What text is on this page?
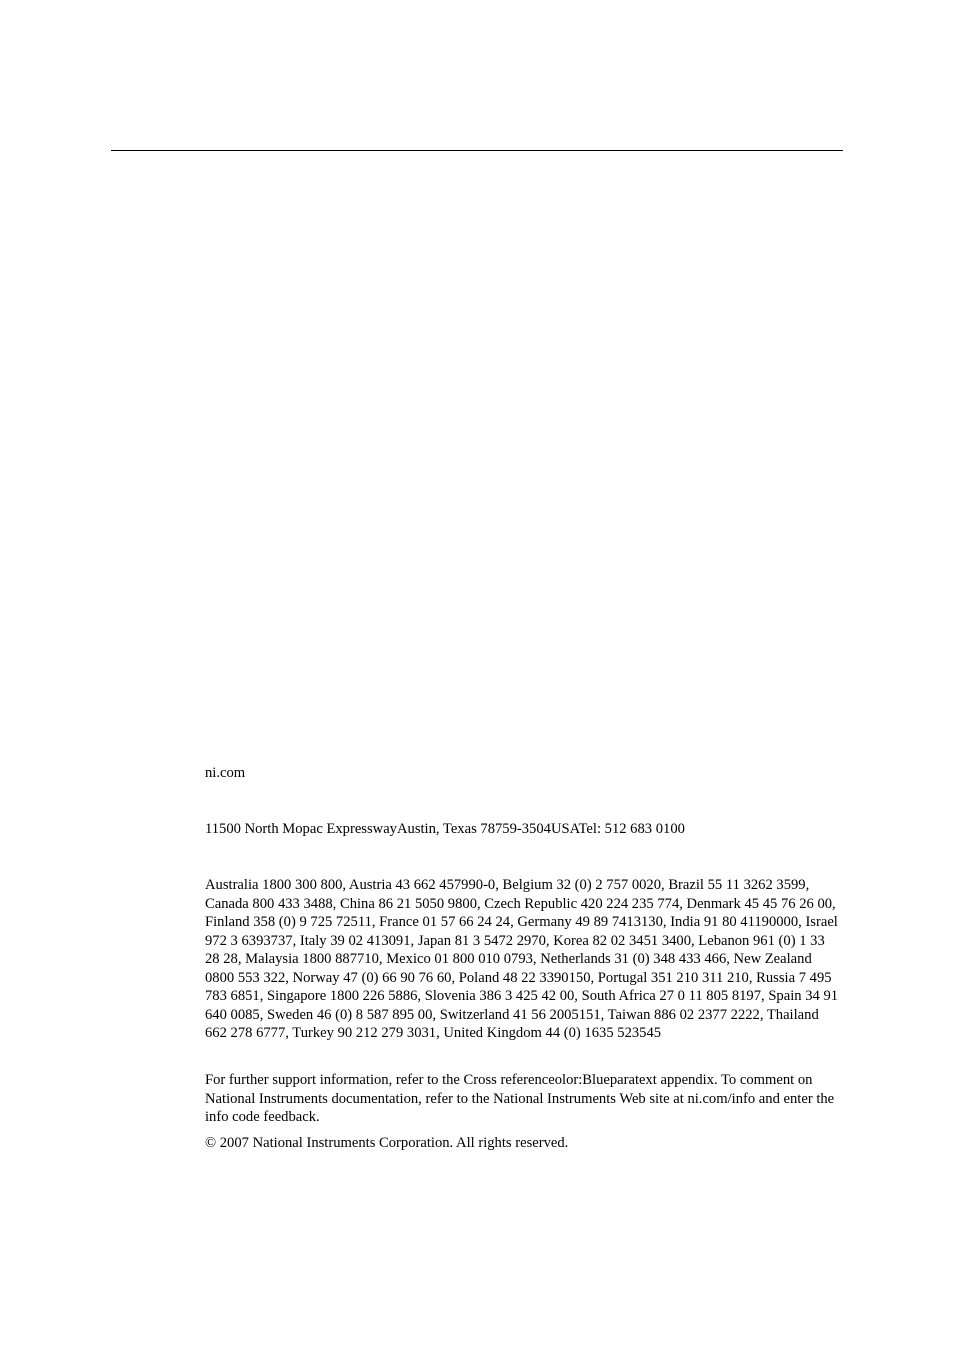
ni.com

11500 North Mopac ExpresswayAustin, Texas 78759-3504USATel: 512 683 0100

Australia 1800 300 800, Austria 43 662 457990-0, Belgium 32 (0) 2 757 0020, Brazil 55 11 3262 3599, Canada 800 433 3488, China 86 21 5050 9800, Czech Republic 420 224 235 774, Denmark 45 45 76 26 00, Finland 358 (0) 9 725 72511, France 01 57 66 24 24, Germany 49 89 7413130, India 91 80 41190000, Israel 972 3 6393737, Italy 39 02 413091, Japan 81 3 5472 2970, Korea 82 02 3451 3400, Lebanon 961 (0) 1 33 28 28, Malaysia 1800 887710, Mexico 01 800 010 0793, Netherlands 31 (0) 348 433 466, New Zealand 0800 553 322, Norway 47 (0) 66 90 76 60, Poland 48 22 3390150, Portugal 351 210 311 210, Russia 7 495 783 6851, Singapore 1800 226 5886, Slovenia 386 3 425 42 00, South Africa 27 0 11 805 8197, Spain 34 91 640 0085, Sweden 46 (0) 8 587 895 00, Switzerland 41 56 2005151, Taiwan 886 02 2377 2222, Thailand 662 278 6777, Turkey 90 212 279 3031, United Kingdom 44 (0) 1635 523545

For further support information, refer to the Cross referenceolor:Blueparatext appendix. To comment on National Instruments documentation, refer to the National Instruments Web site at ni.com/info and enter the info code feedback.

© 2007 National Instruments Corporation. All rights reserved.
